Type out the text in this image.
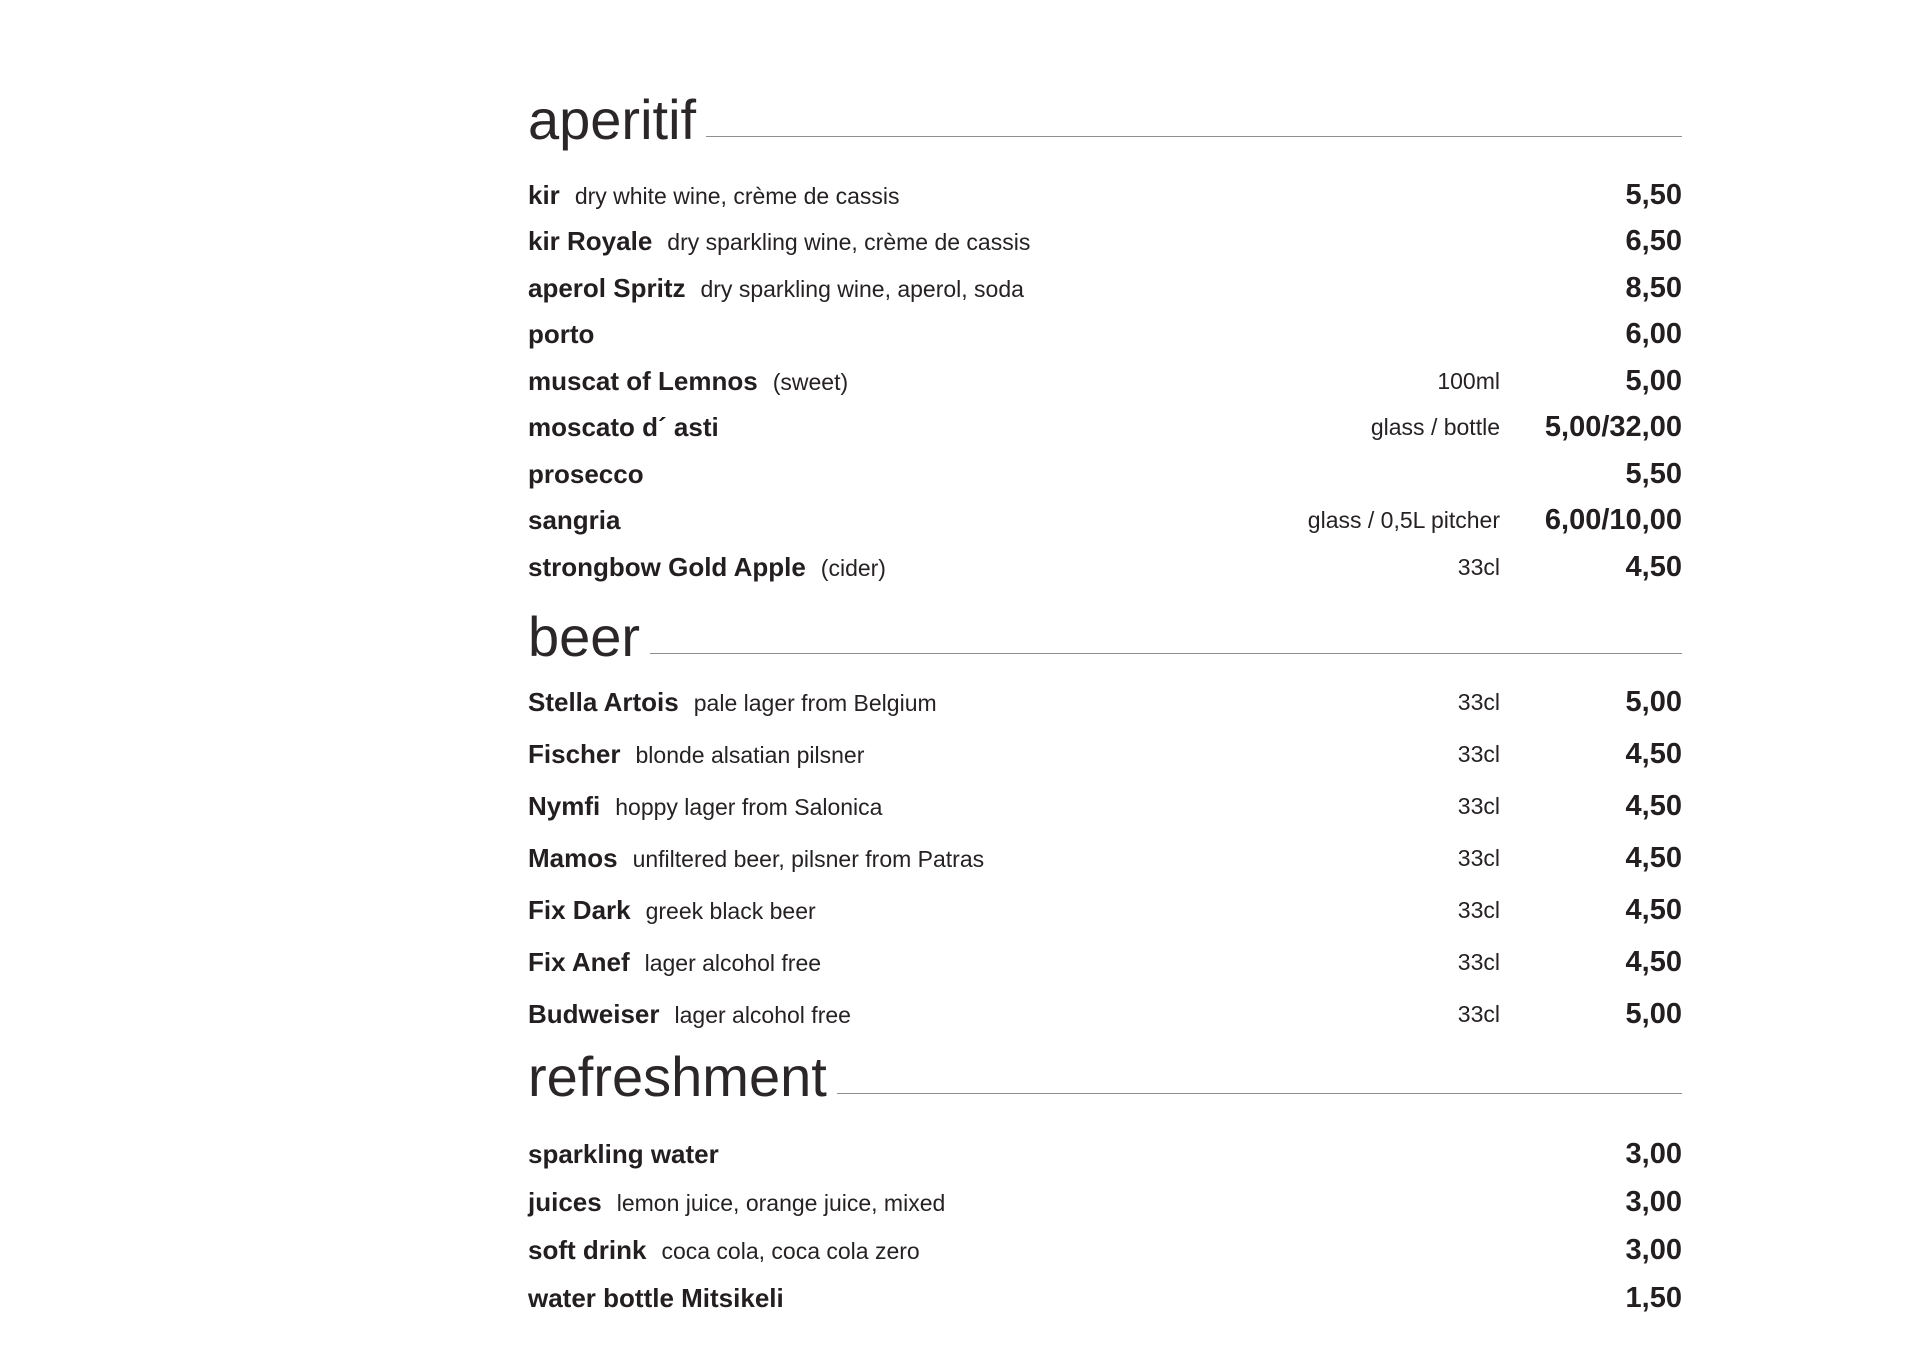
aperitif
kir dry white wine, crème de cassis	5,50
kir Royale dry sparkling wine, crème de cassis	6,50
aperol Spritz dry sparkling wine, aperol, soda	8,50
porto	6,00
muscat of Lemnos (sweet)	100ml	5,00
moscato d´ asti	glass / bottle	5,00/32,00
prosecco	5,50
sangria	glass / 0,5L pitcher	6,00/10,00
strongbow Gold Apple (cider)	33cl	4,50
beer
Stella Artois pale lager from Belgium	33cl	5,00
Fischer blonde alsatian pilsner	33cl	4,50
Nymfi hoppy lager from Salonica	33cl	4,50
Mamos unfiltered beer, pilsner from Patras	33cl	4,50
Fix Dark greek black beer	33cl	4,50
Fix Anef lager alcohol free	33cl	4,50
Budweiser lager alcohol free	33cl	5,00
refreshment
sparkling water	3,00
juices lemon juice, orange juice, mixed	3,00
soft drink coca cola, coca cola zero	3,00
water bottle Mitsikeli	1,50
